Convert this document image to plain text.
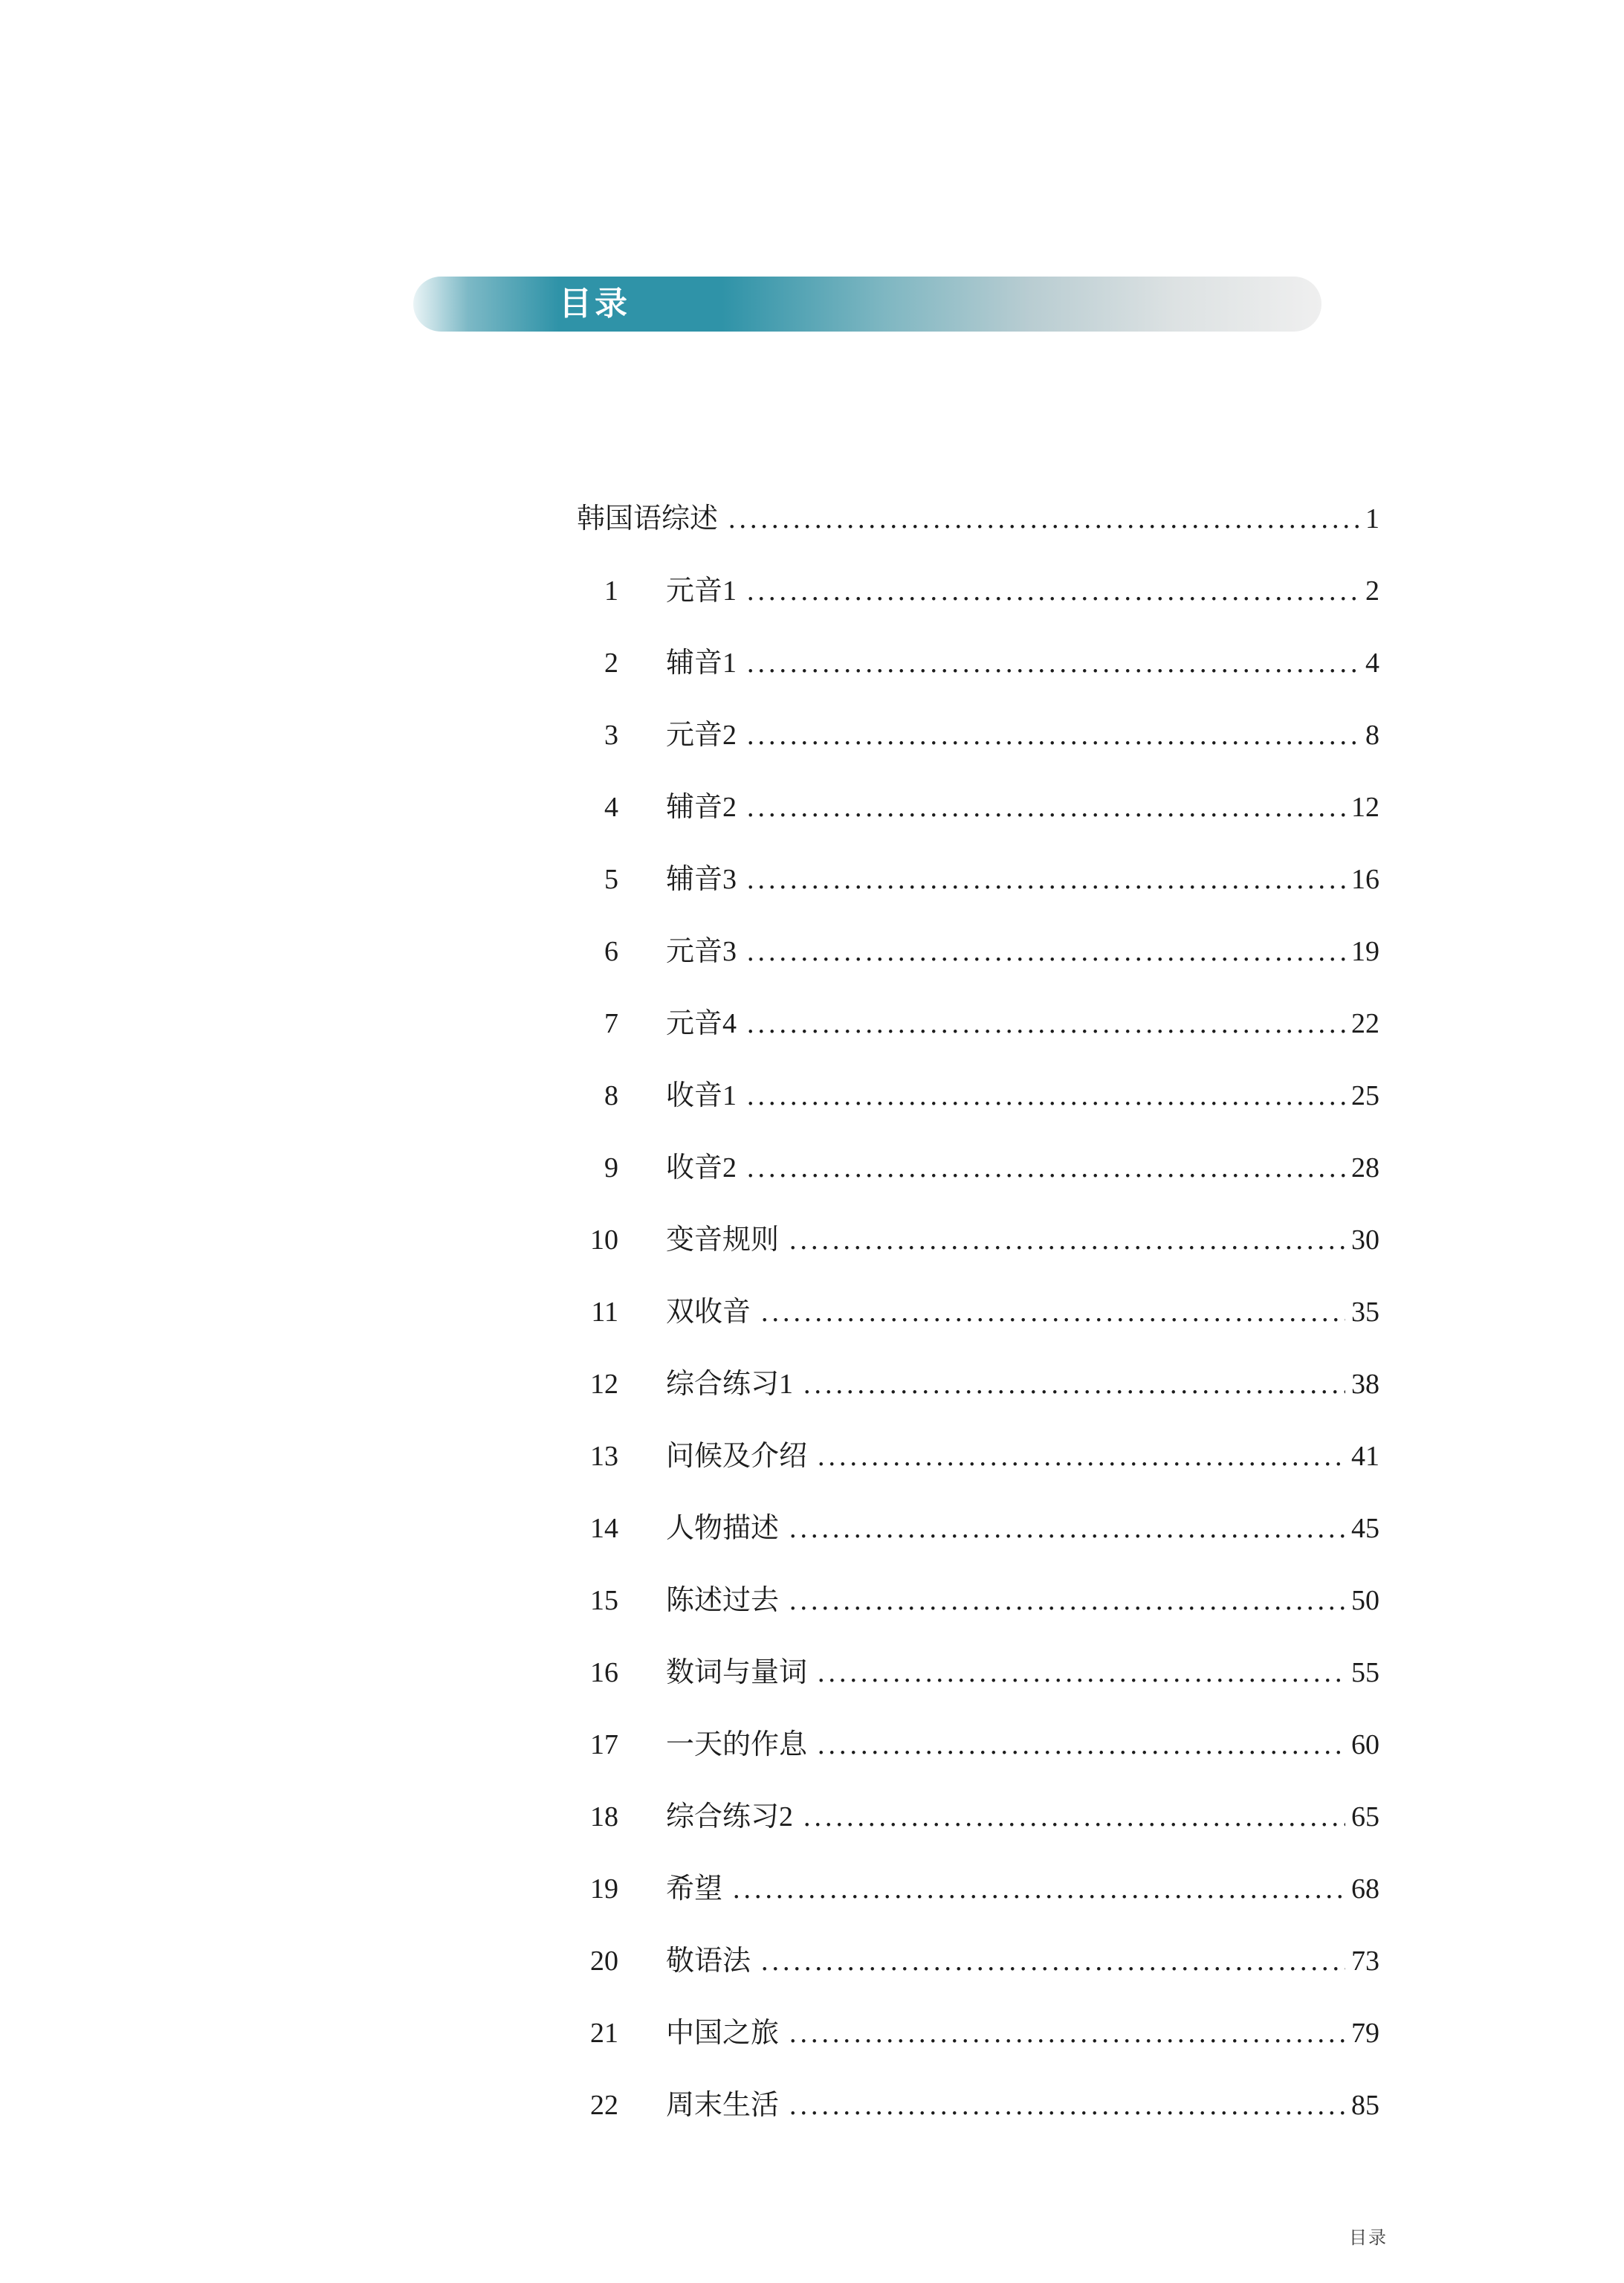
目录
韩国语综述 .....	1
1 元音1 .....	2
2 辅音1 .....	4
3 元音2 .....	8
4 辅音2 .....	12
5 辅音3 .....	16
6 元音3 .....	19
7 元音4 .....	22
8 收音1 .....	25
9 收音2 .....	28
10 变音规则 .....	30
11 双收音 .....	35
12 综合练习1 .....	38
13 问候及介绍 .....	41
14 人物描述 .....	45
15 陈述过去 .....	50
16 数词与量词 .....	55
17 一天的作息 .....	60
18 综合练习2 .....	65
19 希望 .....	68
20 敬语法 .....	73
21 中国之旅 .....	79
22 周末生活 .....	85
目录
